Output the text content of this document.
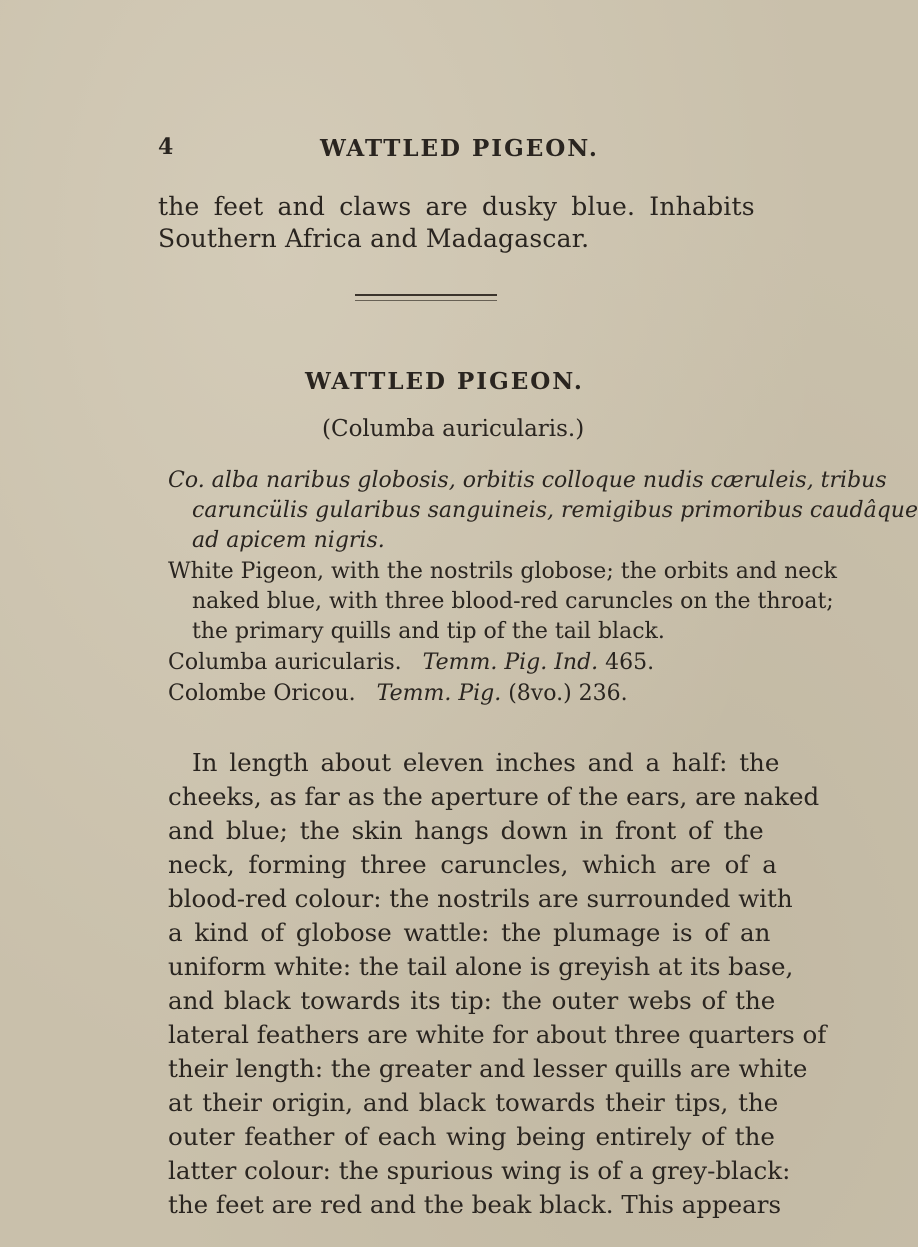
4	WATTLED PIGEON.
the feet and claws are dusky blue. Inhabits
Southern Africa and Madagascar.
WATTLED PIGEON.
(Columba auricularis.)
Co. alba naribus globosis, orbitis colloque nudis cæruleis, tribus
caruncülis gularibus sanguineis, remigibus primoribus caudâque
ad apicem nigris.
White Pigeon, with the nostrils globose; the orbits and neck
naked blue, with three blood-red caruncles on the throat;
the primary quills and tip of the tail black.
Columba auricularis. Temm. Pig. Ind. 465.
Colombe Oricou. Temm. Pig. (8vo.) 236.
In length about eleven inches and a half: the
cheeks, as far as the aperture of the ears, are naked
and blue; the skin hangs down in front of the
neck, forming three caruncles, which are of a
blood-red colour: the nostrils are surrounded with
a kind of globose wattle: the plumage is of an
uniform white: the tail alone is greyish at its base,
and black towards its tip: the outer webs of the
lateral feathers are white for about three quarters of
their length: the greater and lesser quills are white
at their origin, and black towards their tips, the
outer feather of each wing being entirely of the
latter colour: the spurious wing is of a grey-black:
the feet are red and the beak black. This appears
